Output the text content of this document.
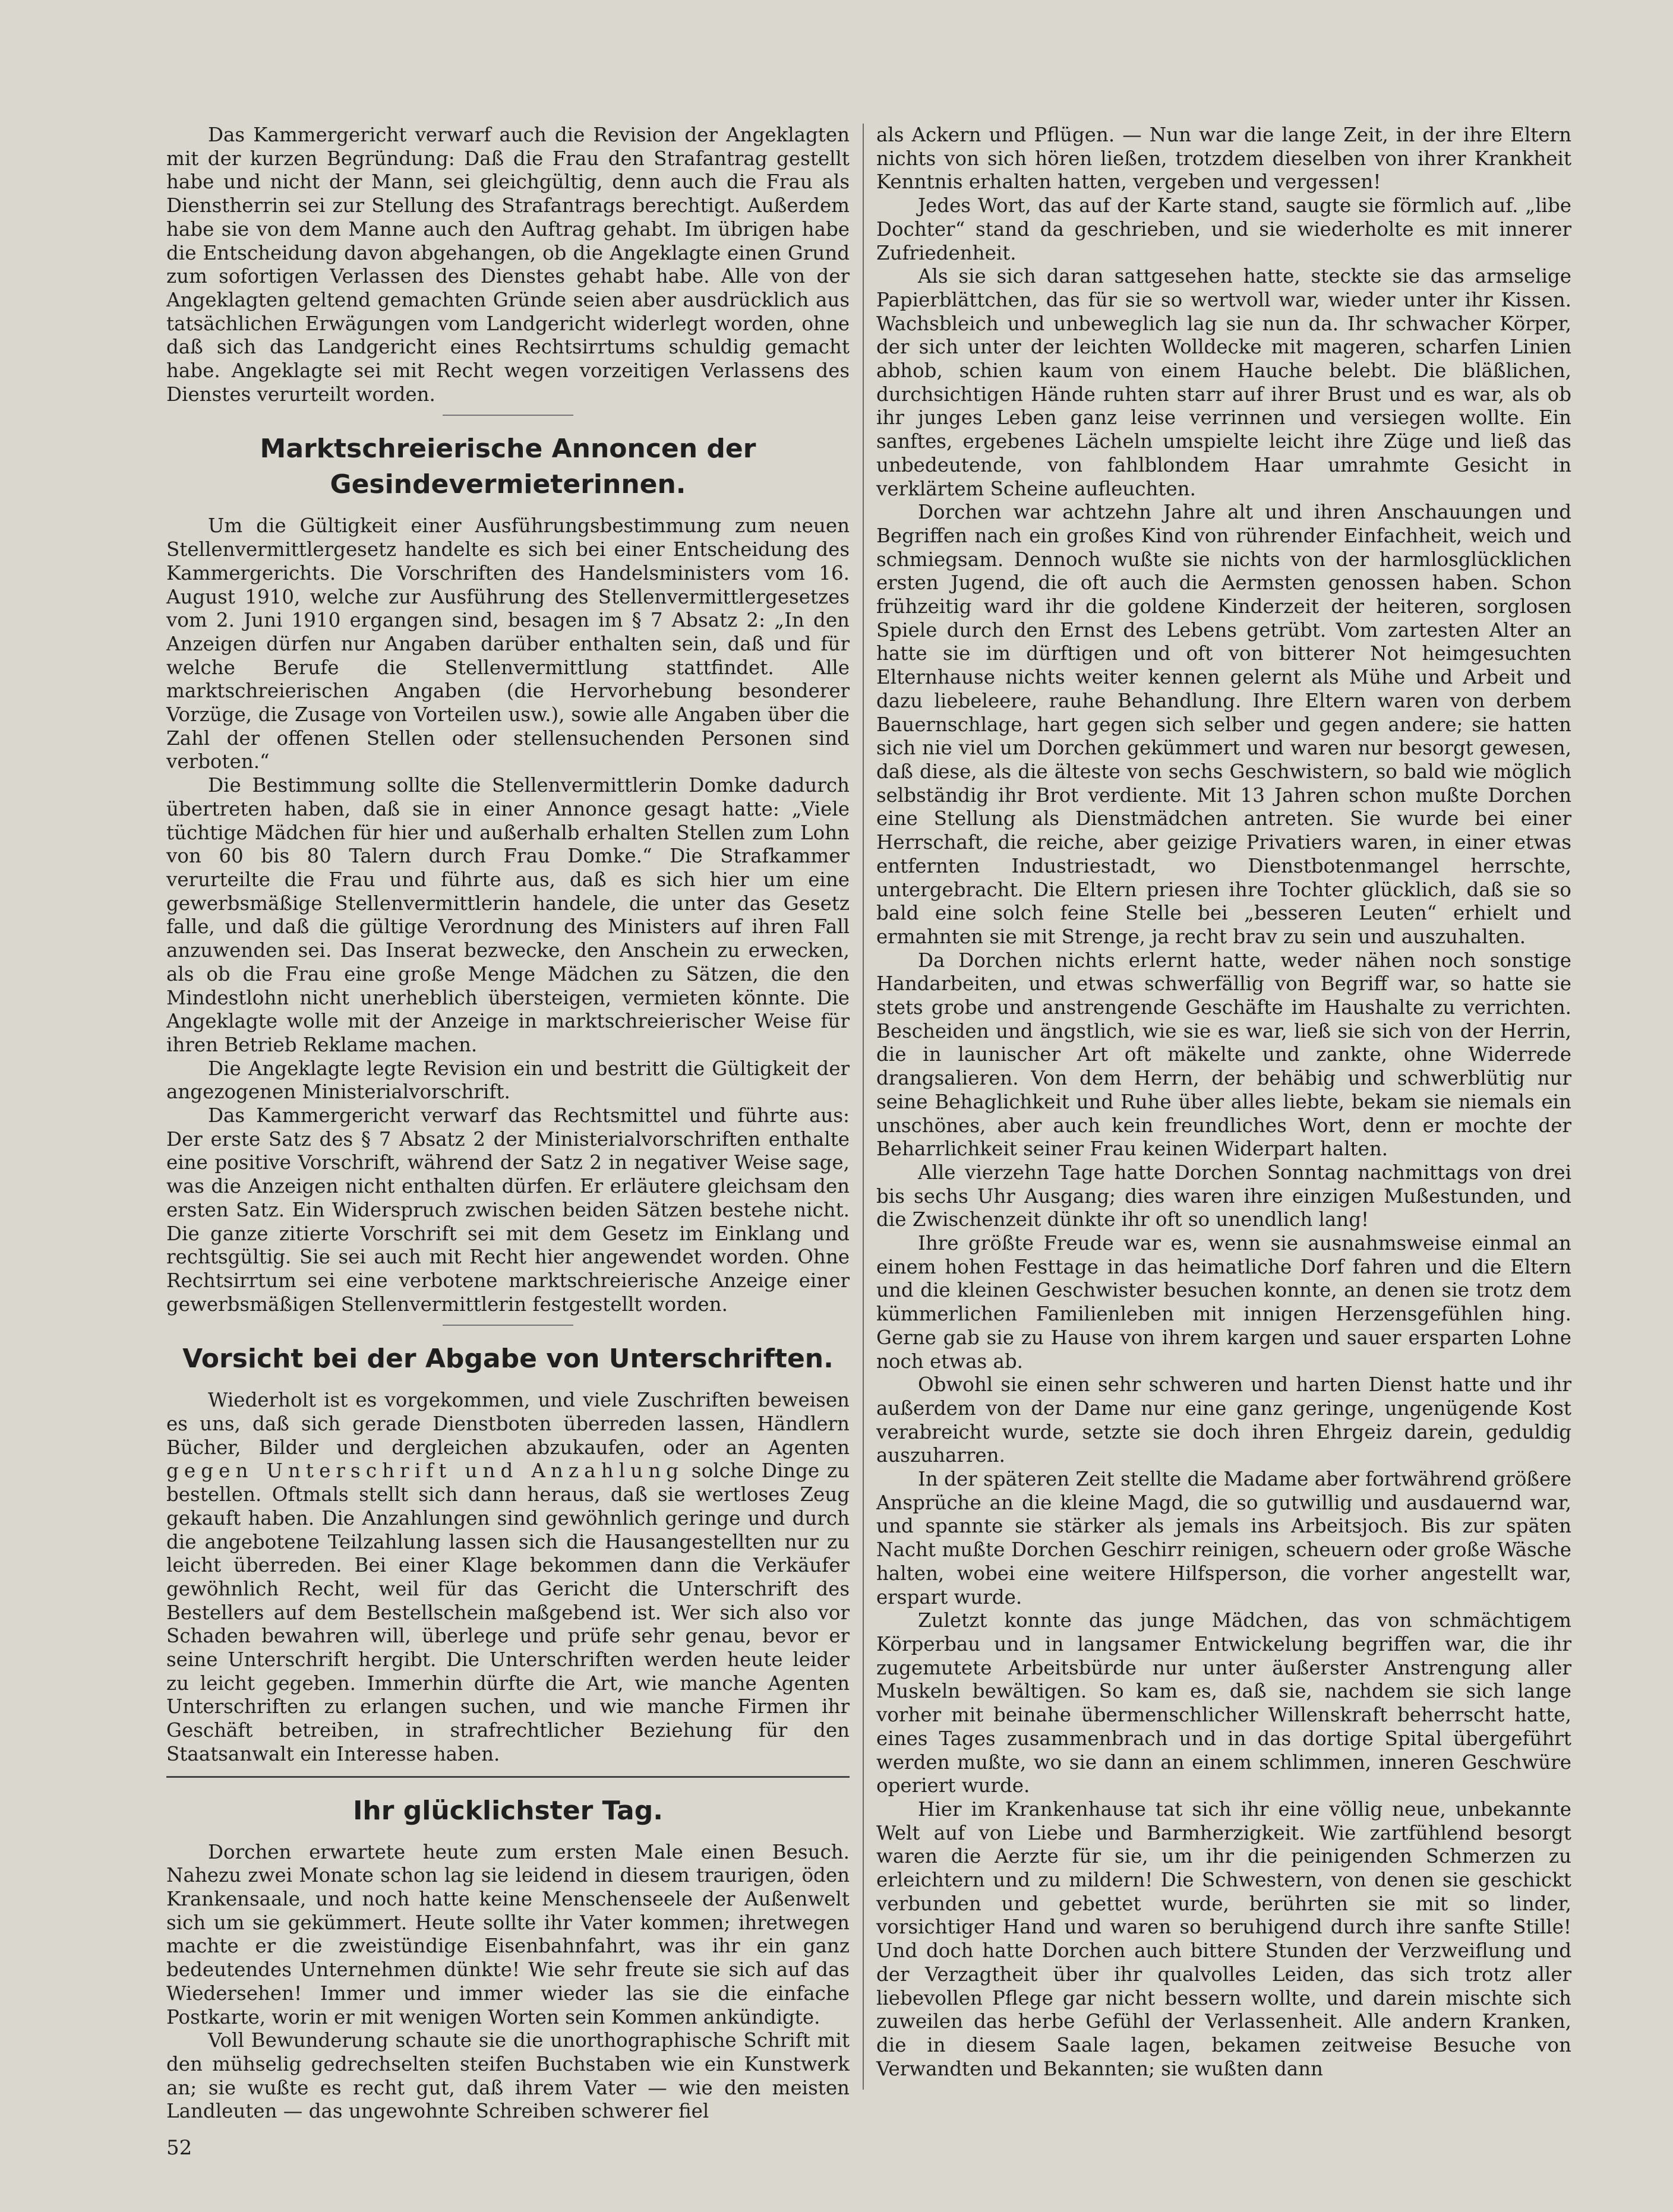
Das Kammergericht verwarf auch die Revision der Angeklagten mit der kurzen Begründung: Daß die Frau den Strafantrag gestellt habe und nicht der Mann, sei gleichgültig, denn auch die Frau als Dienstherrin sei zur Stellung des Strafantrags berechtigt. Außerdem habe sie von dem Manne auch den Auftrag gehabt. Im übrigen habe die Entscheidung davon abgehangen, ob die Angeklagte einen Grund zum sofortigen Verlassen des Dienstes gehabt habe. Alle von der Angeklagten geltend gemachten Gründe seien aber ausdrücklich aus tatsächlichen Erwägungen vom Landgericht widerlegt worden, ohne daß sich das Landgericht eines Rechtsirrtums schuldig gemacht habe. Angeklagte sei mit Recht wegen vorzeitigen Verlassens des Dienstes verurteilt worden.

Marktschreierische Annoncen der Gesindevermieterinnen.

Um die Gültigkeit einer Ausführungsbestimmung zum neuen Stellenvermittlergesetz handelte es sich bei einer Entscheidung des Kammergerichts. Die Vorschriften des Handelsministers vom 16. August 1910, welche zur Ausführung des Stellenvermittlergesetzes vom 2. Juni 1910 ergangen sind, besagen im § 7 Absatz 2: „In den Anzeigen dürfen nur Angaben darüber enthalten sein, daß und für welche Berufe die Stellenvermittlung stattfindet. Alle marktschreierischen Angaben (die Hervorhebung besonderer Vorzüge, die Zusage von Vorteilen usw.), sowie alle Angaben über die Zahl der offenen Stellen oder stellensuchenden Personen sind verboten.“

Die Bestimmung sollte die Stellenvermittlerin Domke dadurch übertreten haben, daß sie in einer Annonce gesagt hatte: „Viele tüchtige Mädchen für hier und außerhalb erhalten Stellen zum Lohn von 60 bis 80 Talern durch Frau Domke.“ Die Strafkammer verurteilte die Frau und führte aus, daß es sich hier um eine gewerbsmäßige Stellenvermittlerin handele, die unter das Gesetz falle, und daß die gültige Verordnung des Ministers auf ihren Fall anzuwenden sei. Das Inserat bezwecke, den Anschein zu erwecken, als ob die Frau eine große Menge Mädchen zu Sätzen, die den Mindestlohn nicht unerheblich übersteigen, vermieten könnte. Die Angeklagte wolle mit der Anzeige in marktschreierischer Weise für ihren Betrieb Reklame machen.

Die Angeklagte legte Revision ein und bestritt die Gültigkeit der angezogenen Ministerialvorschrift.

Das Kammergericht verwarf das Rechtsmittel und führte aus: Der erste Satz des § 7 Absatz 2 der Ministerialvorschriften enthalte eine positive Vorschrift, während der Satz 2 in negativer Weise sage, was die Anzeigen nicht enthalten dürfen. Er erläutere gleichsam den ersten Satz. Ein Widerspruch zwischen beiden Sätzen bestehe nicht. Die ganze zitierte Vorschrift sei mit dem Gesetz im Einklang und rechtsgültig. Sie sei auch mit Recht hier angewendet worden. Ohne Rechtsirrtum sei eine verbotene marktschreierische Anzeige einer gewerbsmäßigen Stellenvermittlerin festgestellt worden.

Vorsicht bei der Abgabe von Unterschriften.

Wiederholt ist es vorgekommen, und viele Zuschriften beweisen es uns, daß sich gerade Dienstboten überreden lassen, Händlern Bücher, Bilder und dergleichen abzukaufen, oder an Agenten gegen Unterschrift und Anzahlung solche Dinge zu bestellen. Oftmals stellt sich dann heraus, daß sie wertloses Zeug gekauft haben. Die Anzahlungen sind gewöhnlich geringe und durch die angebotene Teilzahlung lassen sich die Hausangestellten nur zu leicht überreden. Bei einer Klage bekommen dann die Verkäufer gewöhnlich Recht, weil für das Gericht die Unterschrift des Bestellers auf dem Bestellschein maßgebend ist. Wer sich also vor Schaden bewahren will, überlege und prüfe sehr genau, bevor er seine Unterschrift hergibt. Die Unterschriften werden heute leider zu leicht gegeben. Immerhin dürfte die Art, wie manche Agenten Unterschriften zu erlangen suchen, und wie manche Firmen ihr Geschäft betreiben, in strafrechtlicher Beziehung für den Staatsanwalt ein Interesse haben.

Ihr glücklichster Tag.

Dorchen erwartete heute zum ersten Male einen Besuch. Nahezu zwei Monate schon lag sie leidend in diesem traurigen, öden Krankensaale, und noch hatte keine Menschenseele der Außenwelt sich um sie gekümmert. Heute sollte ihr Vater kommen; ihretwegen machte er die zweistündige Eisenbahnfahrt, was ihr ein ganz bedeutendes Unternehmen dünkte! Wie sehr freute sie sich auf das Wiedersehen! Immer und immer wieder las sie die einfache Postkarte, worin er mit wenigen Worten sein Kommen ankündigte.

Voll Bewunderung schaute sie die unorthographische Schrift mit den mühselig gedrechselten steifen Buchstaben wie ein Kunstwerk an; sie wußte es recht gut, daß ihrem Vater — wie den meisten Landleuten — das ungewohnte Schreiben schwerer fiel

als Ackern und Pflügen. — Nun war die lange Zeit, in der ihre Eltern nichts von sich hören ließen, trotzdem dieselben von ihrer Krankheit Kenntnis erhalten hatten, vergeben und vergessen!

Jedes Wort, das auf der Karte stand, saugte sie förmlich auf. „libe Dochter“ stand da geschrieben, und sie wiederholte es mit innerer Zufriedenheit.

Als sie sich daran sattgesehen hatte, steckte sie das armselige Papierblättchen, das für sie so wertvoll war, wieder unter ihr Kissen. Wachsbleich und unbeweglich lag sie nun da. Ihr schwacher Körper, der sich unter der leichten Wolldecke mit mageren, scharfen Linien abhob, schien kaum von einem Hauche belebt. Die bläßlichen, durchsichtigen Hände ruhten starr auf ihrer Brust und es war, als ob ihr junges Leben ganz leise verrinnen und versiegen wollte. Ein sanftes, ergebenes Lächeln umspielte leicht ihre Züge und ließ das unbedeutende, von fahlblondem Haar umrahmte Gesicht in verklärtem Scheine aufleuchten.

Dorchen war achtzehn Jahre alt und ihren Anschauungen und Begriffen nach ein großes Kind von rührender Einfachheit, weich und schmiegsam. Dennoch wußte sie nichts von der harmlosglücklichen ersten Jugend, die oft auch die Aermsten genossen haben. Schon frühzeitig ward ihr die goldene Kinderzeit der heiteren, sorglosen Spiele durch den Ernst des Lebens getrübt. Vom zartesten Alter an hatte sie im dürftigen und oft von bitterer Not heimgesuchten Elternhause nichts weiter kennen gelernt als Mühe und Arbeit und dazu liebeleere, rauhe Behandlung. Ihre Eltern waren von derbem Bauernschlage, hart gegen sich selber und gegen andere; sie hatten sich nie viel um Dorchen gekümmert und waren nur besorgt gewesen, daß diese, als die älteste von sechs Geschwistern, so bald wie möglich selbständig ihr Brot verdiente. Mit 13 Jahren schon mußte Dorchen eine Stellung als Dienstmädchen antreten. Sie wurde bei einer Herrschaft, die reiche, aber geizige Privatiers waren, in einer etwas entfernten Industriestadt, wo Dienstbotenmangel herrschte, untergebracht. Die Eltern priesen ihre Tochter glücklich, daß sie so bald eine solch feine Stelle bei „besseren Leuten“ erhielt und ermahnten sie mit Strenge, ja recht brav zu sein und auszuhalten.

Da Dorchen nichts erlernt hatte, weder nähen noch sonstige Handarbeiten, und etwas schwerfällig von Begriff war, so hatte sie stets grobe und anstrengende Geschäfte im Haushalte zu verrichten. Bescheiden und ängstlich, wie sie es war, ließ sie sich von der Herrin, die in launischer Art oft mäkelte und zankte, ohne Widerrede drangsalieren. Von dem Herrn, der behäbig und schwerblütig nur seine Behaglichkeit und Ruhe über alles liebte, bekam sie niemals ein unschönes, aber auch kein freundliches Wort, denn er mochte der Beharrlichkeit seiner Frau keinen Widerpart halten.

Alle vierzehn Tage hatte Dorchen Sonntag nachmittags von drei bis sechs Uhr Ausgang; dies waren ihre einzigen Mußestunden, und die Zwischenzeit dünkte ihr oft so unendlich lang!

Ihre größte Freude war es, wenn sie ausnahmsweise einmal an einem hohen Festtage in das heimatliche Dorf fahren und die Eltern und die kleinen Geschwister besuchen konnte, an denen sie trotz dem kümmerlichen Familienleben mit innigen Herzensgefühlen hing. Gerne gab sie zu Hause von ihrem kargen und sauer ersparten Lohne noch etwas ab.

Obwohl sie einen sehr schweren und harten Dienst hatte und ihr außerdem von der Dame nur eine ganz geringe, ungenügende Kost verabreicht wurde, setzte sie doch ihren Ehrgeiz darein, geduldig auszuharren.

In der späteren Zeit stellte die Madame aber fortwährend größere Ansprüche an die kleine Magd, die so gutwillig und ausdauernd war, und spannte sie stärker als jemals ins Arbeitsjoch. Bis zur späten Nacht mußte Dorchen Geschirr reinigen, scheuern oder große Wäsche halten, wobei eine weitere Hilfsperson, die vorher angestellt war, erspart wurde.

Zuletzt konnte das junge Mädchen, das von schmächtigem Körperbau und in langsamer Entwickelung begriffen war, die ihr zugemutete Arbeitsbürde nur unter äußerster Anstrengung aller Muskeln bewältigen. So kam es, daß sie, nachdem sie sich lange vorher mit beinahe übermenschlicher Willenskraft beherrscht hatte, eines Tages zusammenbrach und in das dortige Spital übergeführt werden mußte, wo sie dann an einem schlimmen, inneren Geschwüre operiert wurde.

Hier im Krankenhause tat sich ihr eine völlig neue, unbekannte Welt auf von Liebe und Barmherzigkeit. Wie zartfühlend besorgt waren die Aerzte für sie, um ihr die peinigenden Schmerzen zu erleichtern und zu mildern! Die Schwestern, von denen sie geschickt verbunden und gebettet wurde, berührten sie mit so linder, vorsichtiger Hand und waren so beruhigend durch ihre sanfte Stille! Und doch hatte Dorchen auch bittere Stunden der Verzweiflung und der Verzagtheit über ihr qualvolles Leiden, das sich trotz aller liebevollen Pflege gar nicht bessern wollte, und darein mischte sich zuweilen das herbe Gefühl der Verlassenheit. Alle andern Kranken, die in diesem Saale lagen, bekamen zeitweise Besuche von Verwandten und Bekannten; sie wußten dann

52
